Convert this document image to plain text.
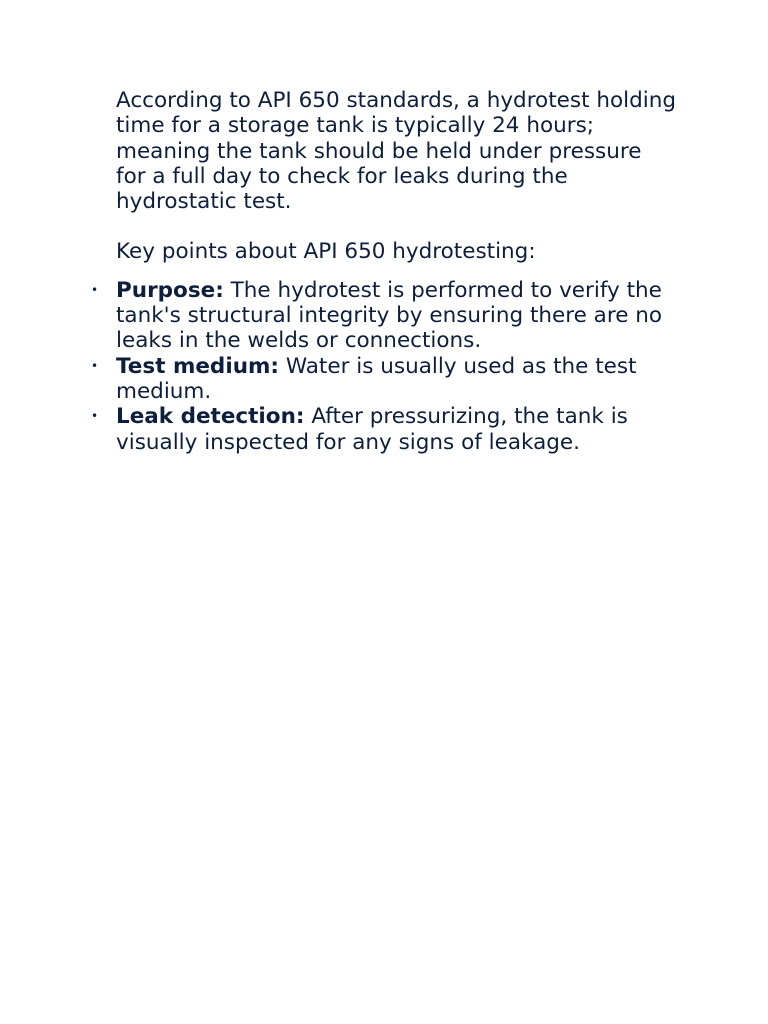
According to API 650 standards, a hydrotest holding time for a storage tank is typically 24 hours; meaning the tank should be held under pressure for a full day to check for leaks during the hydrostatic test.

Key points about API 650 hydrotesting:

• Purpose: The hydrotest is performed to verify the tank's structural integrity by ensuring there are no leaks in the welds or connections.
• Test medium: Water is usually used as the test medium.
• Leak detection: After pressurizing, the tank is visually inspected for any signs of leakage.
